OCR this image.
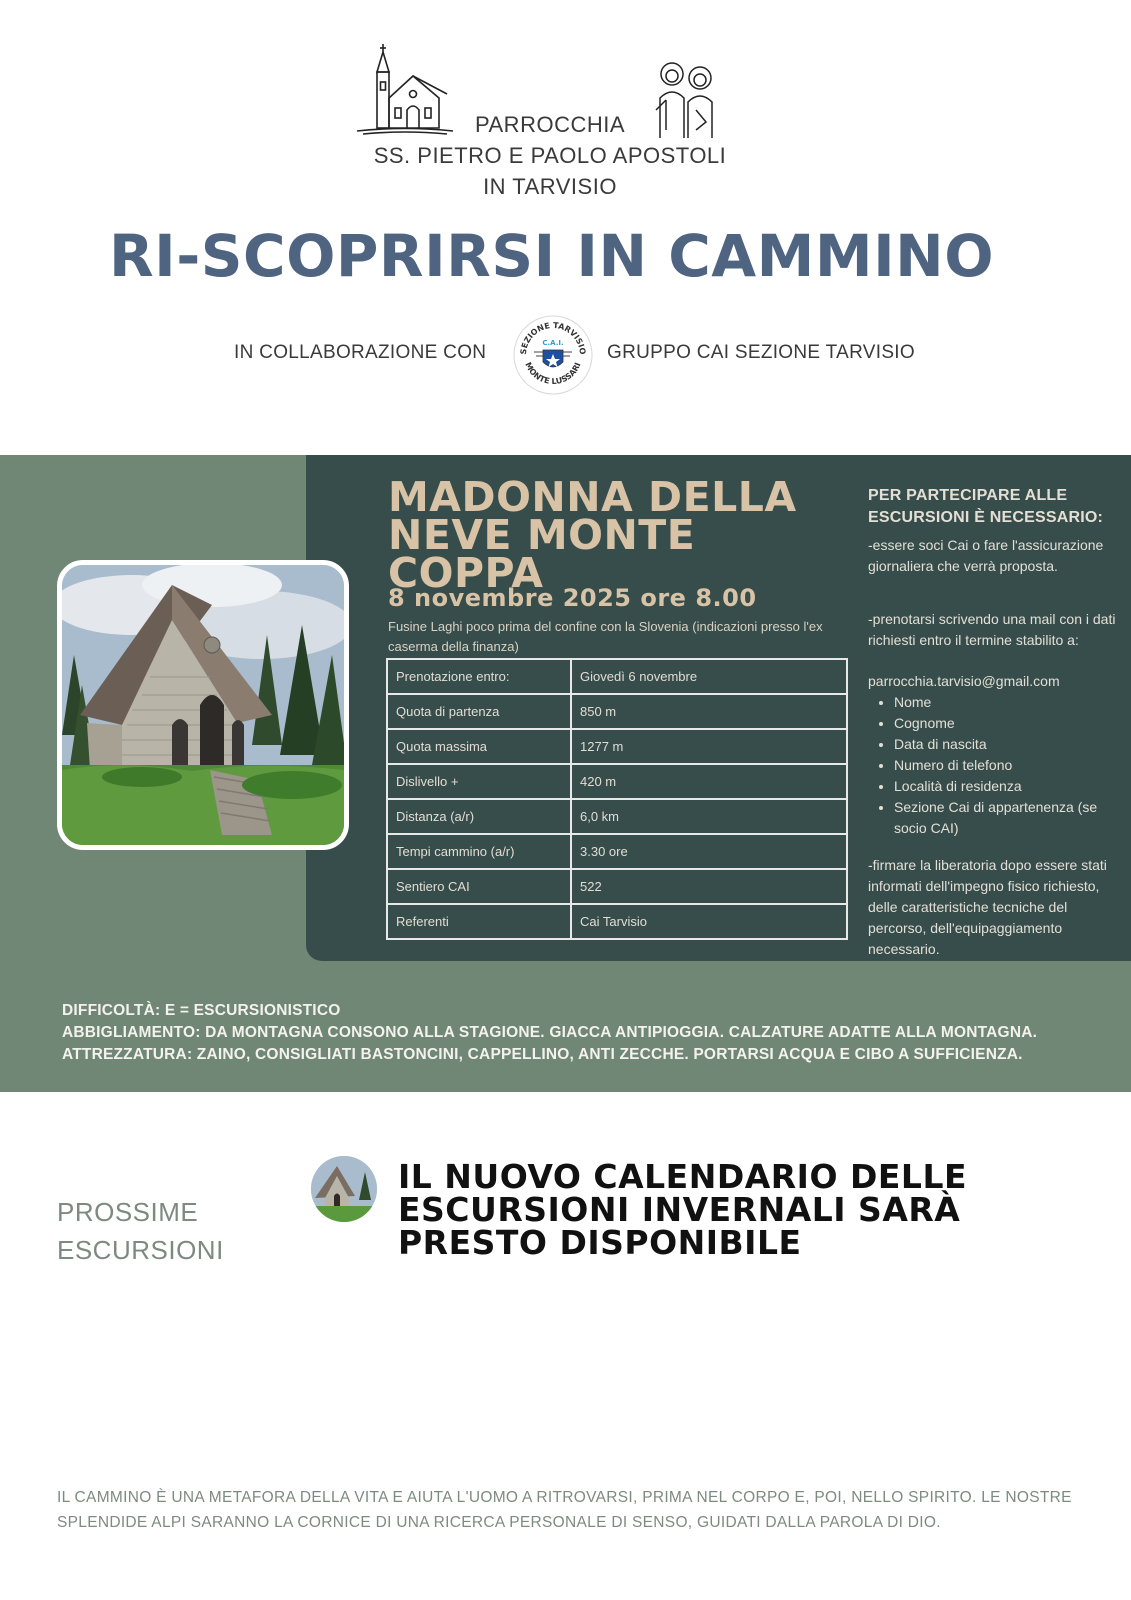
PARROCCHIA
SS. PIETRO E PAOLO APOSTOLI
IN TARVISIO
RI-SCOPRIRSI IN CAMMINO
IN COLLABORAZIONE CON	SEZIONE TARVISIO
MONTE LUSSARI
C.A.I. GRUPPO CAI SEZIONE TARVISIO
MADONNA DELLA
NEVE MONTE COPPA
8 novembre 2025 ore 8.00
Fusine Laghi poco prima del confine con la Slovenia (indicazioni presso l'ex caserma della finanza)
Prenotazione entro:	Giovedì 6 novembre
Quota di partenza	850 m
Quota massima	1277 m
Dislivello +	420 m
Distanza (a/r)	6,0 km
Tempi cammino (a/r)	3.30 ore
Sentiero CAI	522
Referenti	Cai Tarvisio
PER PARTECIPARE ALLE ESCURSIONI È NECESSARIO:
-essere soci Cai o fare l'assicurazione giornaliera che verrà proposta.
-prenotarsi scrivendo una mail con i dati richiesti entro il termine stabilito a:
parrocchia.tarvisio@gmail.com
• Nome
• Cognome
• Data di nascita
• Numero di telefono
• Località di residenza
• Sezione Cai di appartenenza (se socio CAI)
-firmare la liberatoria dopo essere stati informati dell'impegno fisico richiesto, delle caratteristiche tecniche del percorso, dell'equipaggiamento necessario.
DIFFICOLTÀ: E = ESCURSIONISTICO
ABBIGLIAMENTO: DA MONTAGNA CONSONO ALLA STAGIONE. GIACCA ANTIPIOGGIA. CALZATURE ADATTE ALLA MONTAGNA.
ATTREZZATURA: ZAINO, CONSIGLIATI BASTONCINI, CAPPELLINO, ANTI ZECCHE. PORTARSI ACQUA E CIBO A SUFFICIENZA.
PROSSIME
ESCURSIONI
IL NUOVO CALENDARIO DELLE
ESCURSIONI INVERNALI SARÀ
PRESTO DISPONIBILE
IL CAMMINO È UNA METAFORA DELLA VITA E AIUTA L'UOMO A RITROVARSI, PRIMA NEL CORPO E, POI, NELLO SPIRITO. LE NOSTRE SPLENDIDE ALPI SARANNO LA CORNICE DI UNA RICERCA PERSONALE DI SENSO, GUIDATI DALLA PAROLA DI DIO.
